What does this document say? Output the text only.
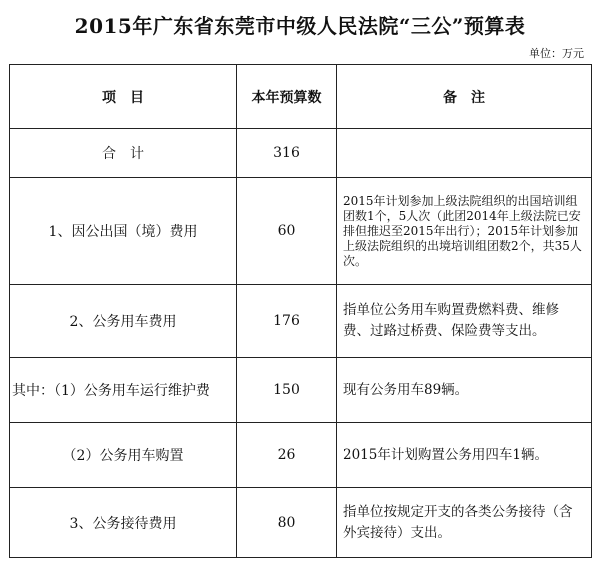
2015年广东省东莞市中级人民法院“三公”预算表
单位：万元
项　目	本年预算数	备　注
合　计	316	
1、因公出国（境）费用	60	2015年计划参加上级法院组织的出国培训组团数1个，5人次（此团2014年上级法院已安排但推迟至2015年出行）；2015年计划参加上级法院组织的出境培训组团数2个，共35人次。
2、公务用车费用	176	指单位公务用车购置费燃料费、维修费、过路过桥费、保险费等支出。
其中：（1）公务用车运行维护费	150	现有公务用车89辆。
（2）公务用车购置	26	2015年计划购置公务用四车1辆。
3、公务接待费用	80	指单位按规定开支的各类公务接待（含外宾接待）支出。
